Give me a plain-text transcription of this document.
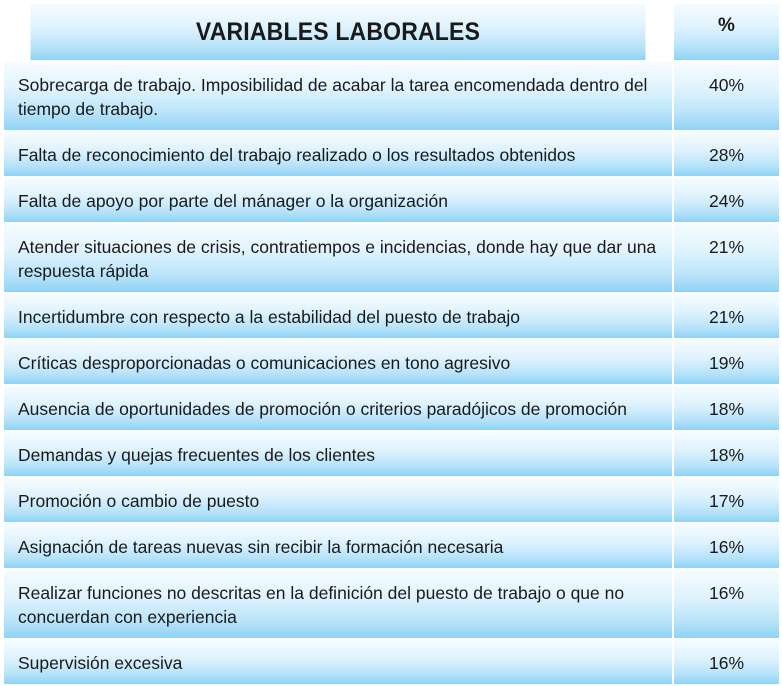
VARIABLES LABORALES	%
Sobrecarga de trabajo. Imposibilidad de acabar la tarea encomendada dentro del tiempo de trabajo.	40%
Falta de reconocimiento del trabajo realizado o los resultados obtenidos	28%
Falta de apoyo por parte del mánager o la organización	24%
Atender situaciones de crisis, contratiempos e incidencias, donde hay que dar una respuesta rápida	21%
Incertidumbre con respecto a la estabilidad del puesto de trabajo	21%
Críticas desproporcionadas o comunicaciones en tono agresivo	19%
Ausencia de oportunidades de promoción o criterios paradójicos de promoción	18%
Demandas y quejas frecuentes de los clientes	18%
Promoción o cambio de puesto	17%
Asignación de tareas nuevas sin recibir la formación necesaria	16%
Realizar funciones no descritas en la definición del puesto de trabajo o que no concuerdan con experiencia	16%
Supervisión excesiva	16%
